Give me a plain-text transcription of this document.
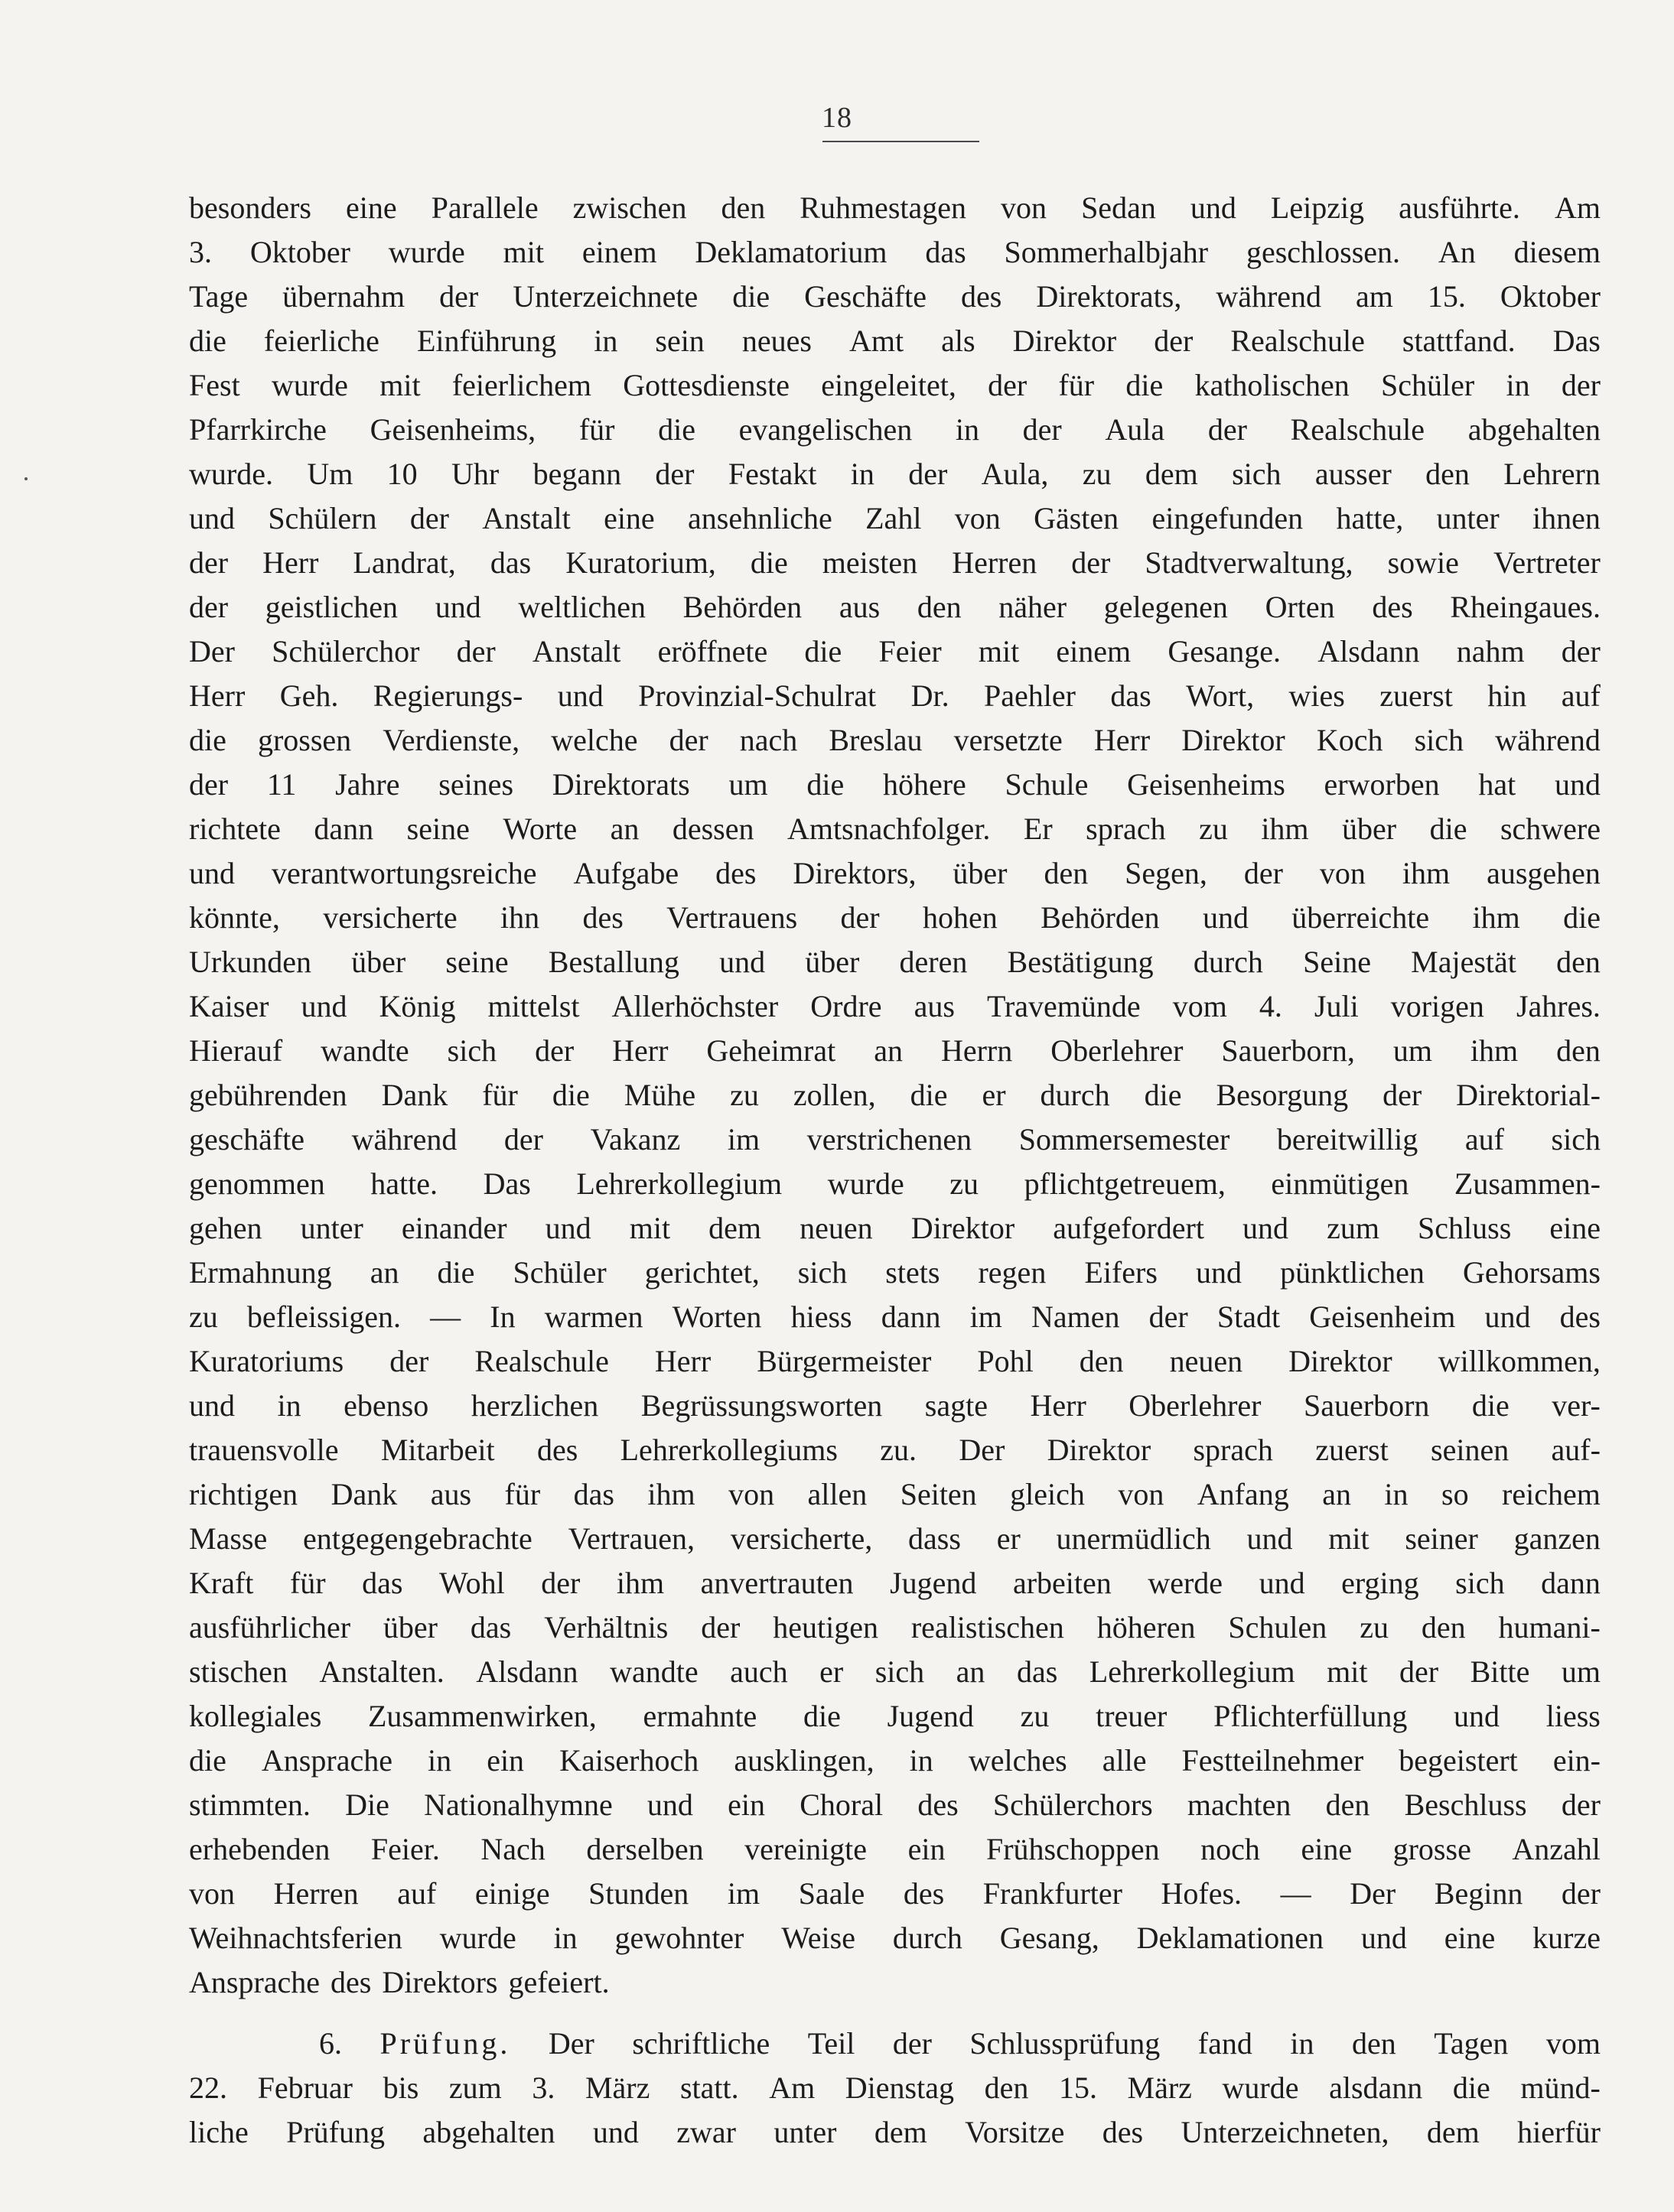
18
besonders eine Parallele zwischen den Ruhmestagen von Sedan und Leipzig ausführte. Am
3. Oktober wurde mit einem Deklamatorium das Sommerhalbjahr geschlossen. An diesem
Tage übernahm der Unterzeichnete die Geschäfte des Direktorats, während am 15. Oktober
die feierliche Einführung in sein neues Amt als Direktor der Realschule stattfand. Das
Fest wurde mit feierlichem Gottesdienste eingeleitet, der für die katholischen Schüler in der
Pfarrkirche Geisenheims, für die evangelischen in der Aula der Realschule abgehalten
wurde. Um 10 Uhr begann der Festakt in der Aula, zu dem sich ausser den Lehrern
und Schülern der Anstalt eine ansehnliche Zahl von Gästen eingefunden hatte, unter ihnen
der Herr Landrat, das Kuratorium, die meisten Herren der Stadtverwaltung, sowie Vertreter
der geistlichen und weltlichen Behörden aus den näher gelegenen Orten des Rheingaues.
Der Schülerchor der Anstalt eröffnete die Feier mit einem Gesange. Alsdann nahm der
Herr Geh. Regierungs- und Provinzial-Schulrat Dr. Paehler das Wort, wies zuerst hin auf
die grossen Verdienste, welche der nach Breslau versetzte Herr Direktor Koch sich während
der 11 Jahre seines Direktorats um die höhere Schule Geisenheims erworben hat und
richtete dann seine Worte an dessen Amtsnachfolger. Er sprach zu ihm über die schwere
und verantwortungsreiche Aufgabe des Direktors, über den Segen, der von ihm ausgehen
könnte, versicherte ihn des Vertrauens der hohen Behörden und überreichte ihm die
Urkunden über seine Bestallung und über deren Bestätigung durch Seine Majestät den
Kaiser und König mittelst Allerhöchster Ordre aus Travemünde vom 4. Juli vorigen Jahres.
Hierauf wandte sich der Herr Geheimrat an Herrn Oberlehrer Sauerborn, um ihm den
gebührenden Dank für die Mühe zu zollen, die er durch die Besorgung der Direktorial-
geschäfte während der Vakanz im verstrichenen Sommersemester bereitwillig auf sich
genommen hatte. Das Lehrerkollegium wurde zu pflichtgetreuem, einmütigen Zusammen-
gehen unter einander und mit dem neuen Direktor aufgefordert und zum Schluss eine
Ermahnung an die Schüler gerichtet, sich stets regen Eifers und pünktlichen Gehorsams
zu befleissigen. — In warmen Worten hiess dann im Namen der Stadt Geisenheim und des
Kuratoriums der Realschule Herr Bürgermeister Pohl den neuen Direktor willkommen,
und in ebenso herzlichen Begrüssungsworten sagte Herr Oberlehrer Sauerborn die ver-
trauensvolle Mitarbeit des Lehrerkollegiums zu. Der Direktor sprach zuerst seinen auf-
richtigen Dank aus für das ihm von allen Seiten gleich von Anfang an in so reichem
Masse entgegengebrachte Vertrauen, versicherte, dass er unermüdlich und mit seiner ganzen
Kraft für das Wohl der ihm anvertrauten Jugend arbeiten werde und erging sich dann
ausführlicher über das Verhältnis der heutigen realistischen höheren Schulen zu den humani-
stischen Anstalten. Alsdann wandte auch er sich an das Lehrerkollegium mit der Bitte um
kollegiales Zusammenwirken, ermahnte die Jugend zu treuer Pflichterfüllung und liess
die Ansprache in ein Kaiserhoch ausklingen, in welches alle Festteilnehmer begeistert ein-
stimmten. Die Nationalhymne und ein Choral des Schülerchors machten den Beschluss der
erhebenden Feier. Nach derselben vereinigte ein Frühschoppen noch eine grosse Anzahl
von Herren auf einige Stunden im Saale des Frankfurter Hofes. — Der Beginn der
Weihnachtsferien wurde in gewohnter Weise durch Gesang, Deklamationen und eine kurze
Ansprache des Direktors gefeiert.
6. Prüfung. Der schriftliche Teil der Schlussprüfung fand in den Tagen vom
22. Februar bis zum 3. März statt. Am Dienstag den 15. März wurde alsdann die münd-
liche Prüfung abgehalten und zwar unter dem Vorsitze des Unterzeichneten, dem hierfür
